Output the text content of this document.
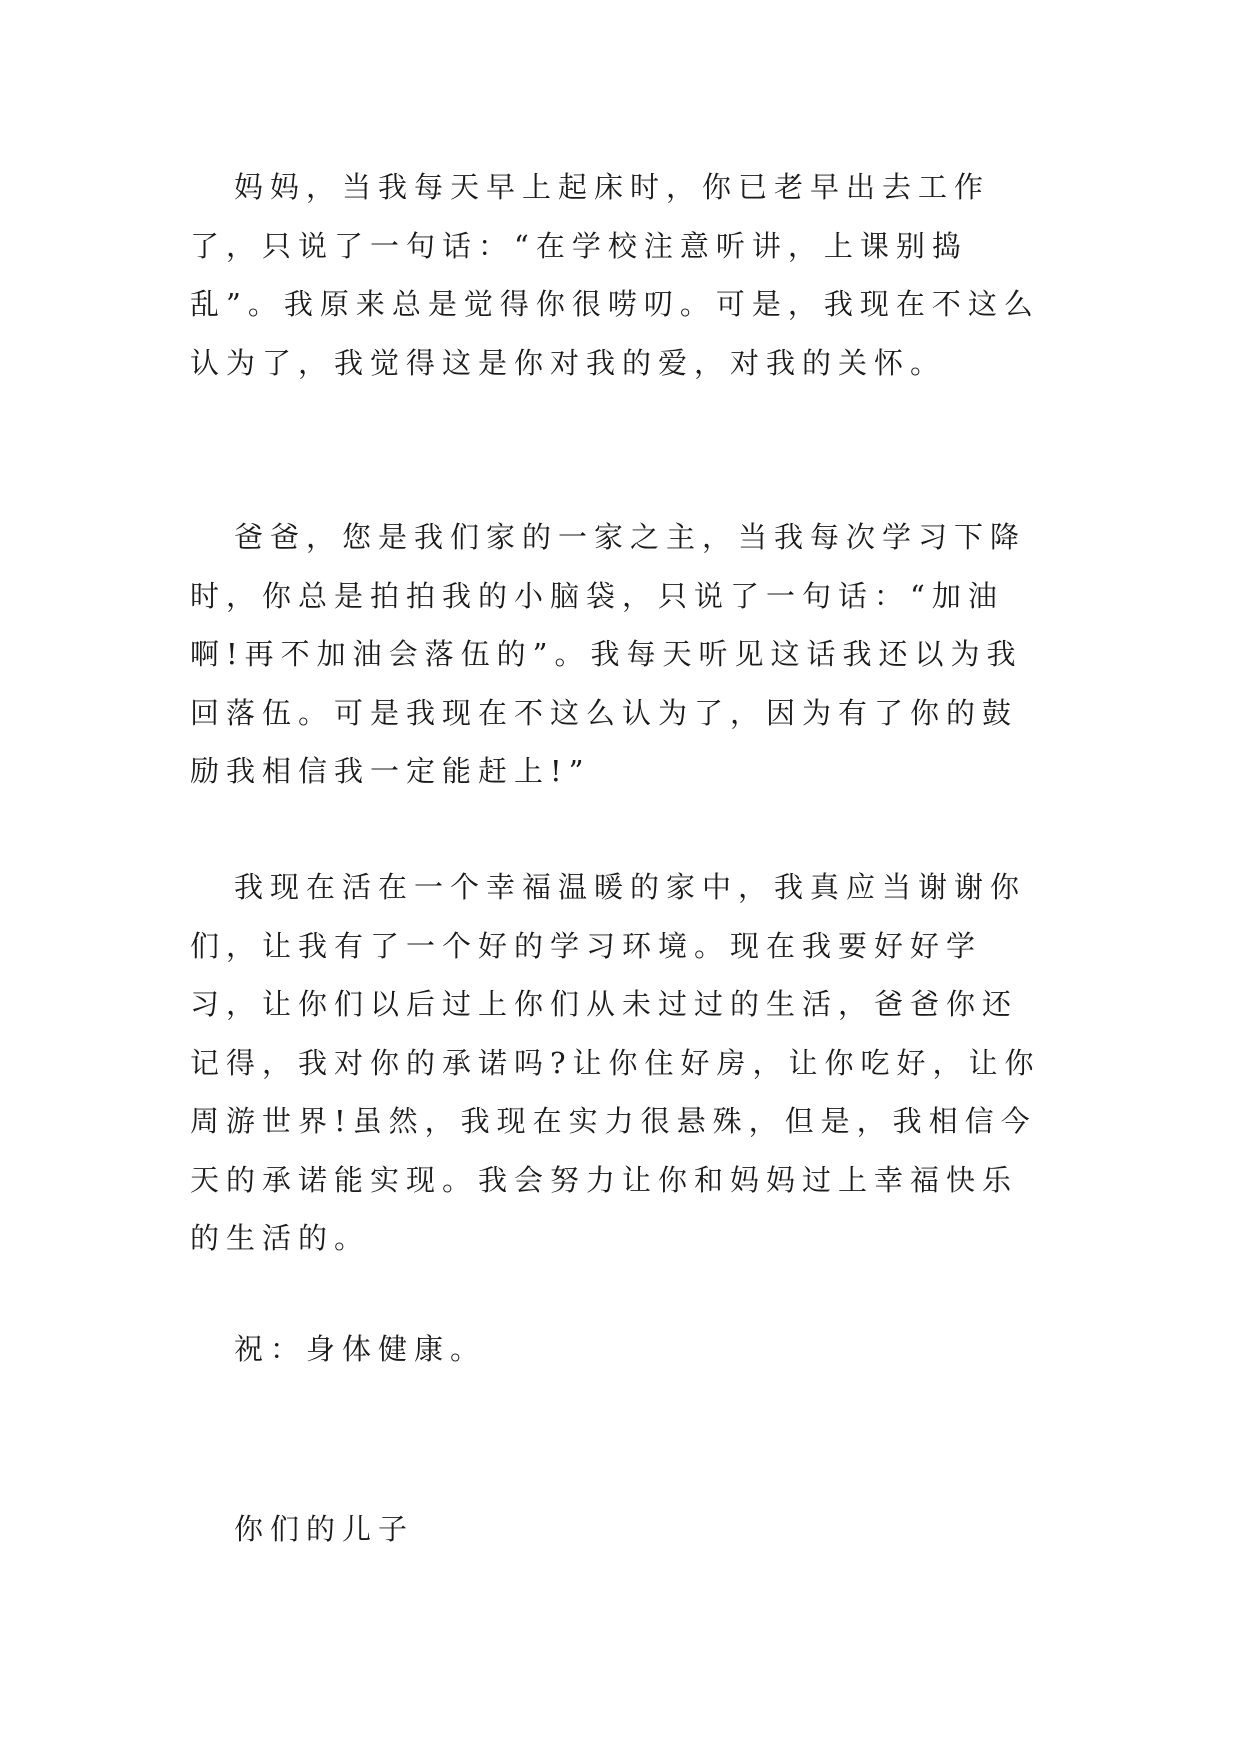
妈妈，当我每天早上起床时，你已老早出去工作了，只说了一句话：“在学校注意听讲，上课别捣乱”。我原来总是觉得你很唠叨。可是，我现在不这么认为了，我觉得这是你对我的爱，对我的关怀。

爸爸，您是我们家的一家之主，当我每次学习下降时，你总是拍拍我的小脑袋，只说了一句话：“加油啊!再不加油会落伍的”。我每天听见这话我还以为我回落伍。可是我现在不这么认为了，因为有了你的鼓励我相信我一定能赶上!”

我现在活在一个幸福温暖的家中，我真应当谢谢你们，让我有了一个好的学习环境。现在我要好好学习，让你们以后过上你们从未过过的生活，爸爸你还记得，我对你的承诺吗?让你住好房，让你吃好，让你周游世界!虽然，我现在实力很悬殊，但是，我相信今天的承诺能实现。我会努力让你和妈妈过上幸福快乐的生活的。

祝：身体健康。

你们的儿子
